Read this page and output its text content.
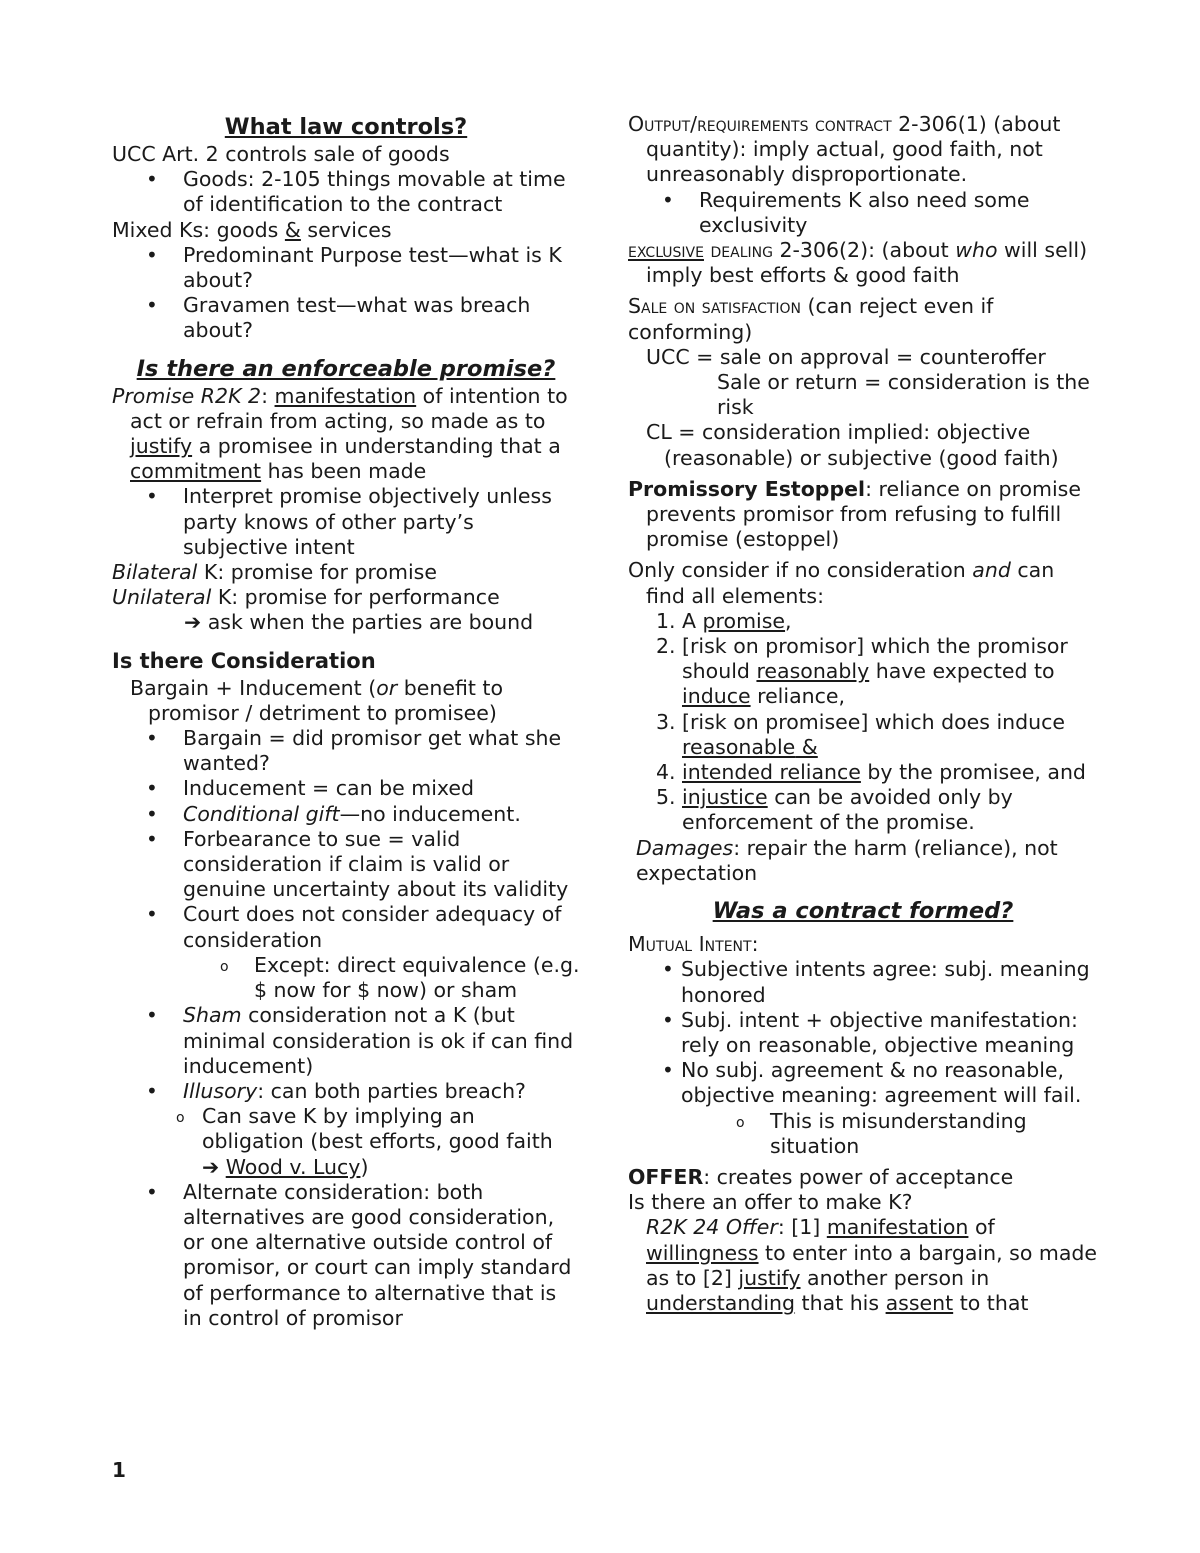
What law controls?
UCC Art. 2 controls sale of goods
• Goods: 2-105 things movable at time of identification to the contract
Mixed Ks: goods & services
• Predominant Purpose test—what is K about?
• Gravamen test—what was breach about?
Is there an enforceable promise?
Promise R2K 2: manifestation of intention to act or refrain from acting, so made as to justify a promisee in understanding that a commitment has been made
• Interpret promise objectively unless party knows of other party’s subjective intent
Bilateral K: promise for promise
Unilateral K: promise for performance
➔ ask when the parties are bound
Is there Consideration
Bargain + Inducement (or benefit to promisor / detriment to promisee)
• Bargain = did promisor get what she wanted?
• Inducement = can be mixed
• Conditional gift—no inducement.
• Forbearance to sue = valid consideration if claim is valid or genuine uncertainty about its validity
• Court does not consider adequacy of consideration
o Except: direct equivalence (e.g. $ now for $ now) or sham
• Sham consideration not a K (but minimal consideration is ok if can find inducement)
• Illusory: can both parties breach?
o Can save K by implying an obligation (best efforts, good faith
➔ Wood v. Lucy)
• Alternate consideration: both alternatives are good consideration, or one alternative outside control of promisor, or court can imply standard of performance to alternative that is in control of promisor
Output/requirements contract 2-306(1) (about quantity): imply actual, good faith, not unreasonably disproportionate.
• Requirements K also need some exclusivity
exclusive dealing 2-306(2): (about who will sell) imply best efforts & good faith
Sale on satisfaction (can reject even if conforming)
UCC = sale on approval = counteroffer
Sale or return = consideration is the risk
CL = consideration implied: objective (reasonable) or subjective (good faith)
Promissory Estoppel: reliance on promise prevents promisor from refusing to fulfill promise (estoppel)
Only consider if no consideration and can find all elements:
1. A promise,
2. [risk on promisor] which the promisor should reasonably have expected to induce reliance,
3. [risk on promisee] which does induce reasonable &
4. intended reliance by the promisee, and
5. injustice can be avoided only by enforcement of the promise.
Damages: repair the harm (reliance), not expectation
Was a contract formed?
Mutual Intent:
• Subjective intents agree: subj. meaning honored
• Subj. intent + objective manifestation: rely on reasonable, objective meaning
• No subj. agreement & no reasonable, objective meaning: agreement will fail.
o This is misunderstanding situation
OFFER: creates power of acceptance
Is there an offer to make K?
R2K 24 Offer: [1] manifestation of willingness to enter into a bargain, so made as to [2] justify another person in understanding that his assent to that
1
